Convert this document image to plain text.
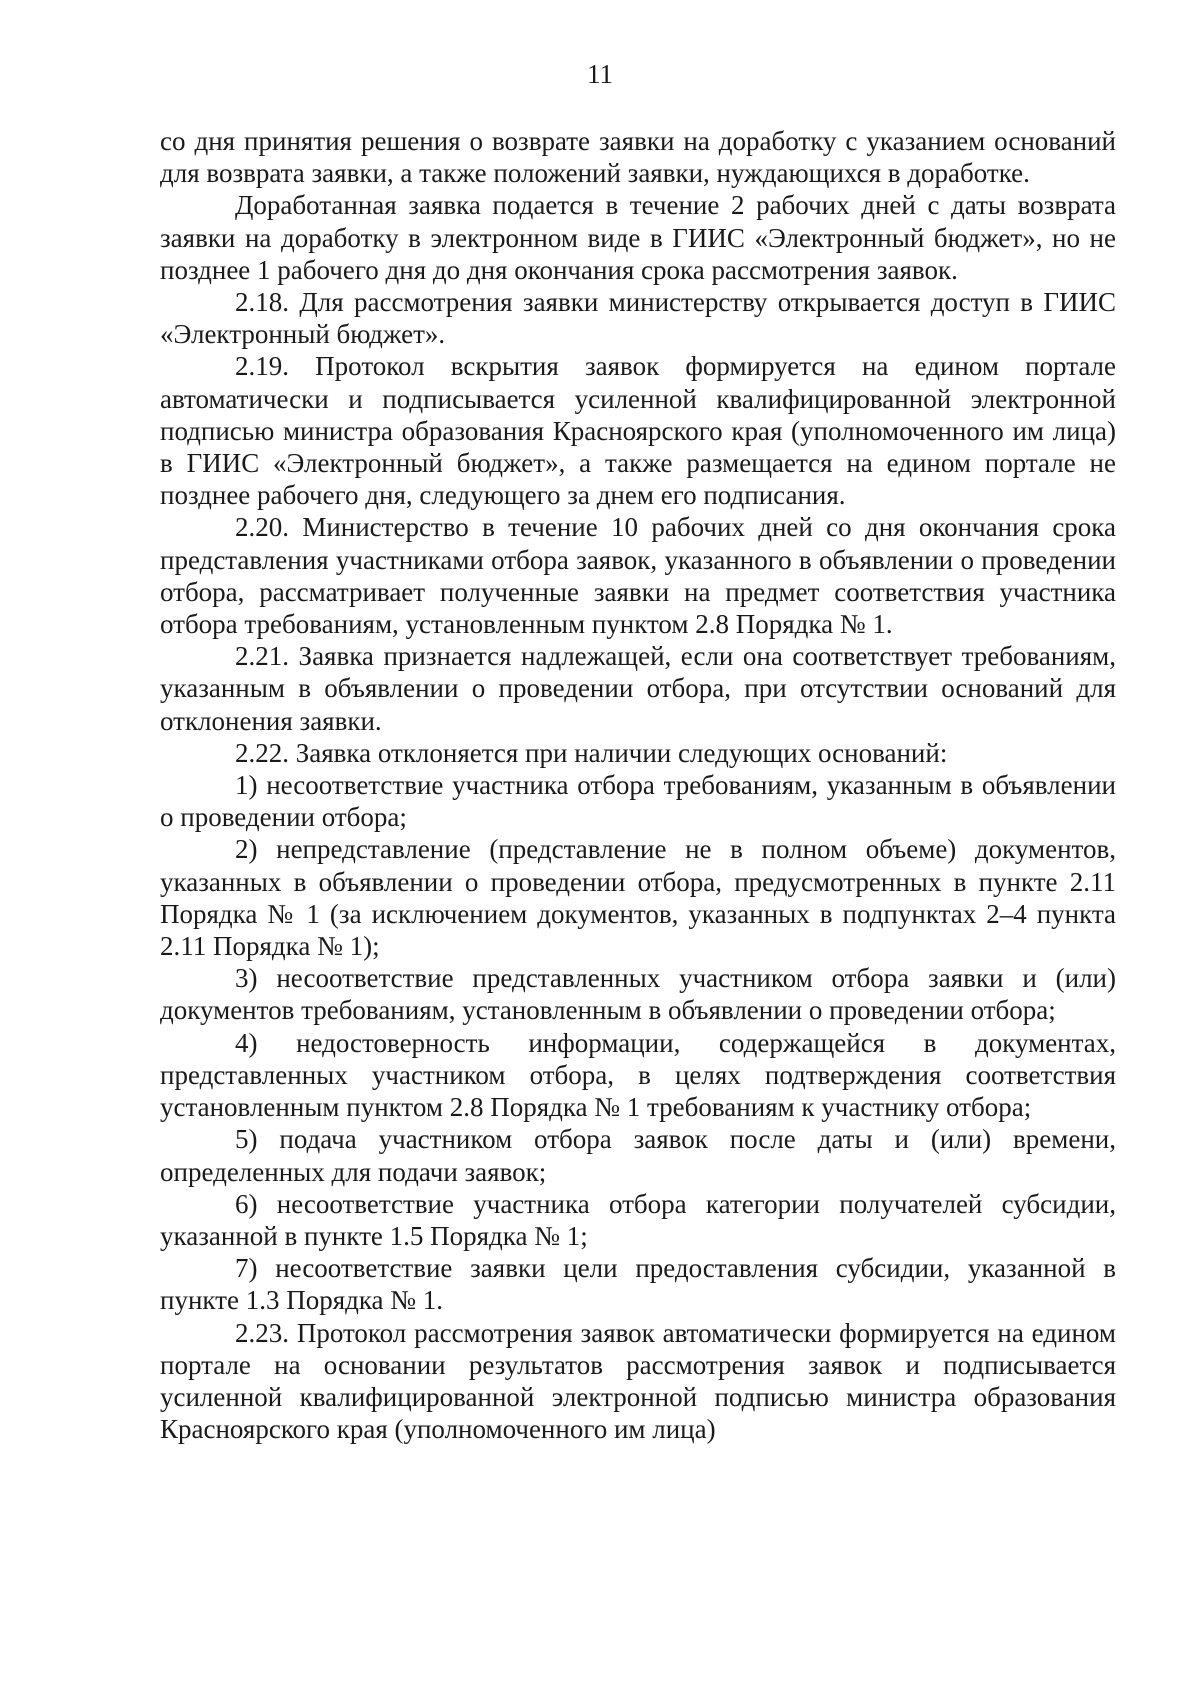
11

со дня принятия решения о возврате заявки на доработку с указанием оснований для возврата заявки, а также положений заявки, нуждающихся в доработке.

Доработанная заявка подается в течение 2 рабочих дней с даты возврата заявки на доработку в электронном виде в ГИИС «Электронный бюджет», но не позднее 1 рабочего дня до дня окончания срока рассмотрения заявок.

2.18. Для рассмотрения заявки министерству открывается доступ в ГИИС «Электронный бюджет».

2.19. Протокол вскрытия заявок формируется на едином портале автоматически и подписывается усиленной квалифицированной электронной подписью министра образования Красноярского края (уполномоченного им лица) в ГИИС «Электронный бюджет», а также размещается на едином портале не позднее рабочего дня, следующего за днем его подписания.

2.20. Министерство в течение 10 рабочих дней со дня окончания срока представления участниками отбора заявок, указанного в объявлении о проведении отбора, рассматривает полученные заявки на предмет соответствия участника отбора требованиям, установленным пунктом 2.8 Порядка № 1.

2.21. Заявка признается надлежащей, если она соответствует требованиям, указанным в объявлении о проведении отбора, при отсутствии оснований для отклонения заявки.

2.22. Заявка отклоняется при наличии следующих оснований:

1) несоответствие участника отбора требованиям, указанным в объявлении о проведении отбора;

2) непредставление (представление не в полном объеме) документов, указанных в объявлении о проведении отбора, предусмотренных в пункте 2.11 Порядка № 1 (за исключением документов, указанных в подпунктах 2–4 пункта 2.11 Порядка № 1);

3) несоответствие представленных участником отбора заявки и (или) документов требованиям, установленным в объявлении о проведении отбора;

4) недостоверность информации, содержащейся в документах, представленных участником отбора, в целях подтверждения соответствия установленным пунктом 2.8 Порядка № 1 требованиям к участнику отбора;

5) подача участником отбора заявок после даты и (или) времени, определенных для подачи заявок;

6) несоответствие участника отбора категории получателей субсидии, указанной в пункте 1.5 Порядка № 1;

7) несоответствие заявки цели предоставления субсидии, указанной в пункте 1.3 Порядка № 1.

2.23. Протокол рассмотрения заявок автоматически формируется на едином портале на основании результатов рассмотрения заявок и подписывается усиленной квалифицированной электронной подписью министра образования Красноярского края (уполномоченного им лица)
